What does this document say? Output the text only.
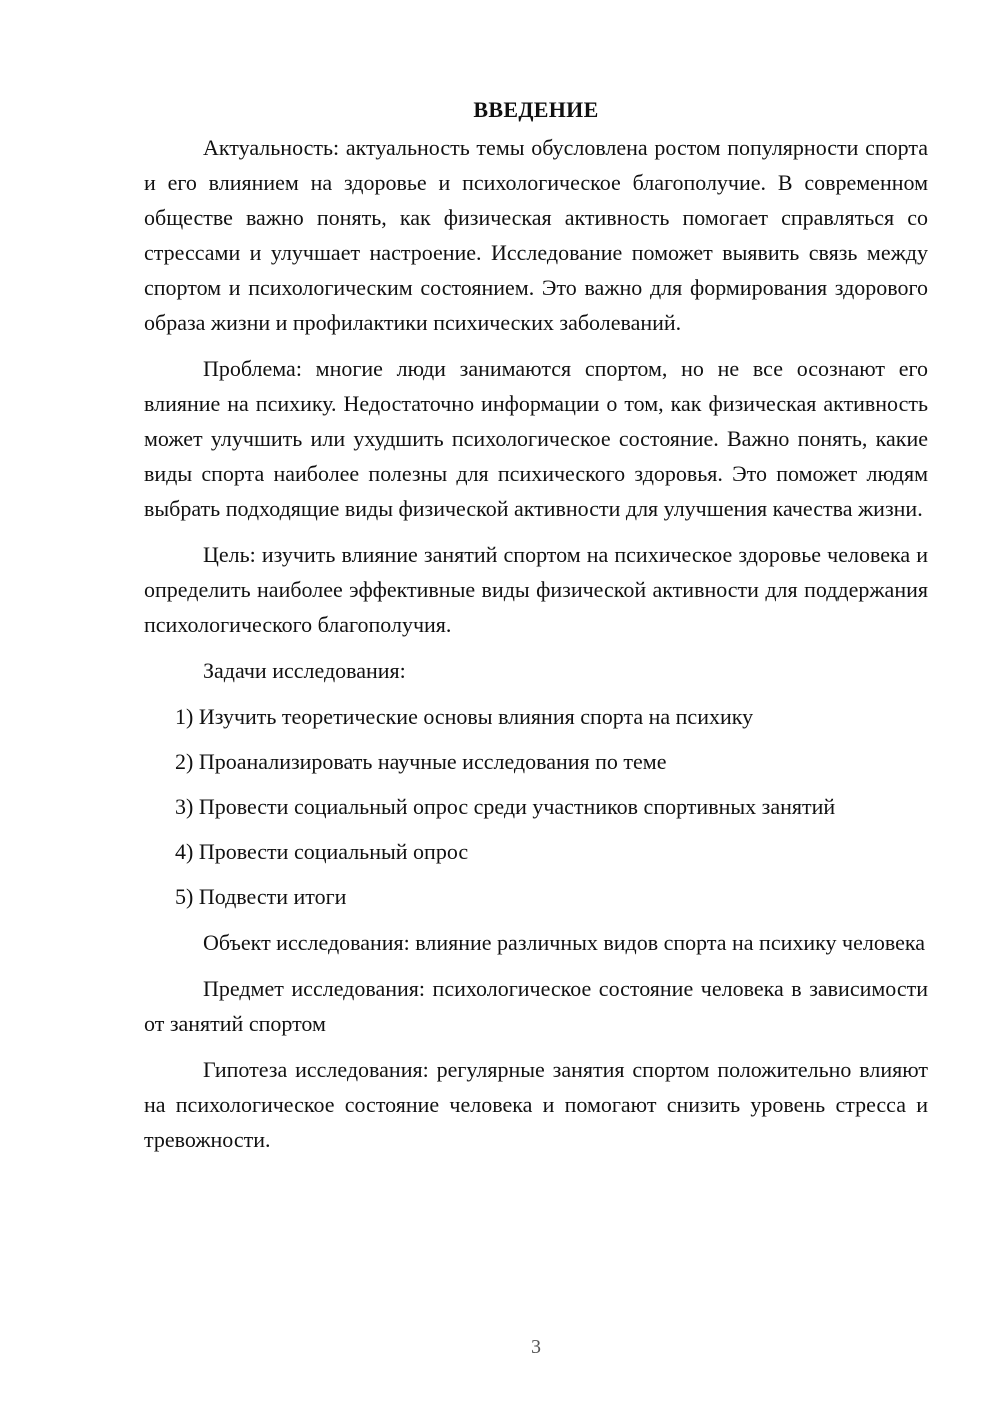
ВВЕДЕНИЕ

Актуальность: актуальность темы обусловлена ростом популярности спорта и его влиянием на здоровье и психологическое благополучие. В современном обществе важно понять, как физическая активность помогает справляться со стрессами и улучшает настроение. Исследование поможет выявить связь между спортом и психологическим состоянием. Это важно для формирования здорового образа жизни и профилактики психических заболеваний.

Проблема: многие люди занимаются спортом, но не все осознают его влияние на психику. Недостаточно информации о том, как физическая активность может улучшить или ухудшить психологическое состояние. Важно понять, какие виды спорта наиболее полезны для психического здоровья. Это поможет людям выбрать подходящие виды физической активности для улучшения качества жизни.

Цель: изучить влияние занятий спортом на психическое здоровье человека и определить наиболее эффективные виды физической активности для поддержания психологического благополучия.

Задачи исследования:

1) Изучить теоретические основы влияния спорта на психику
2) Проанализировать научные исследования по теме
3) Провести социальный опрос среди участников спортивных занятий
4) Провести социальный опрос
5) Подвести итоги

Объект исследования: влияние различных видов спорта на психику человека

Предмет исследования: психологическое состояние человека в зависимости от занятий спортом

Гипотеза исследования: регулярные занятия спортом положительно влияют на психологическое состояние человека и помогают снизить уровень стресса и тревожности.

3
